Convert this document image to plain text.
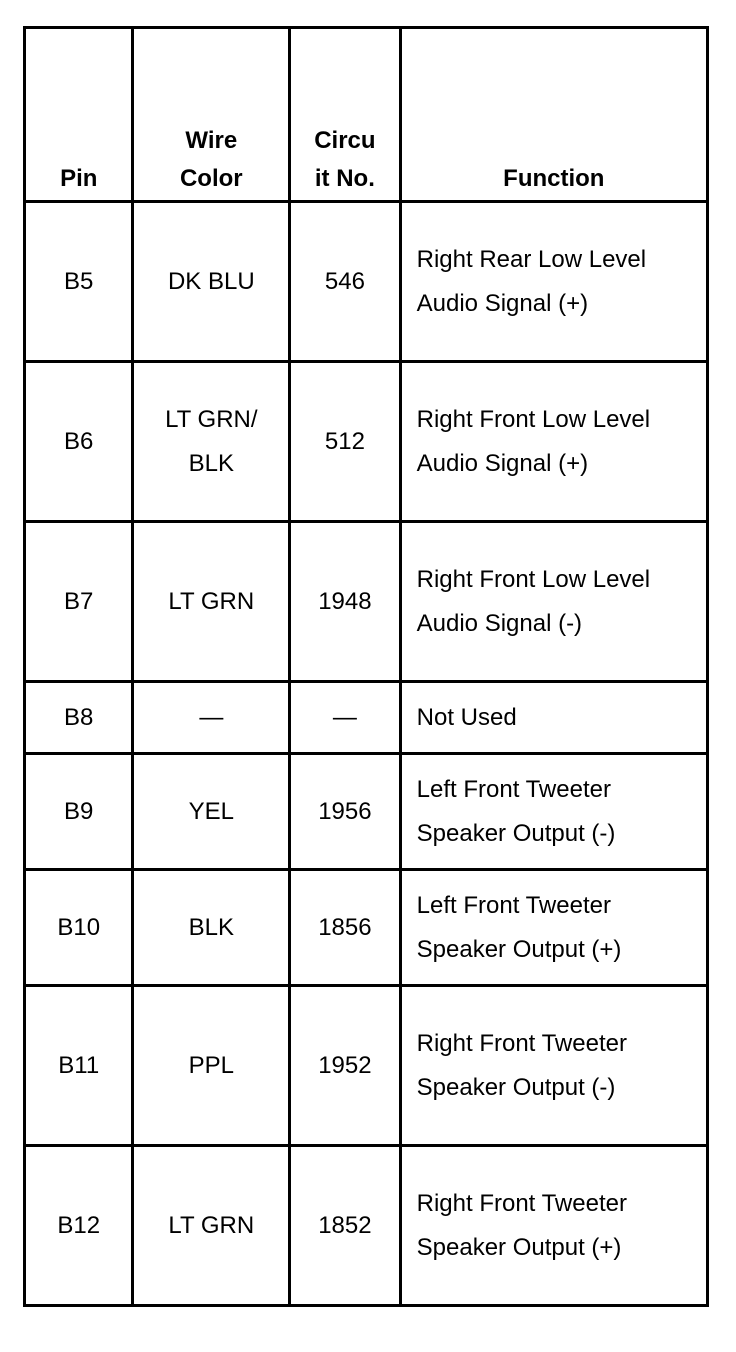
Pin	Wire Color	Circuit No.	Function
B5	DK BLU	546	Right Rear Low Level Audio Signal (+)
B6	LT GRN/BLK	512	Right Front Low Level Audio Signal (+)
B7	LT GRN	1948	Right Front Low Level Audio Signal (-)
B8	—	—	Not Used
B9	YEL	1956	Left Front Tweeter Speaker Output (-)
B10	BLK	1856	Left Front Tweeter Speaker Output (+)
B11	PPL	1952	Right Front Tweeter Speaker Output (-)
B12	LT GRN	1852	Right Front Tweeter Speaker Output (+)
